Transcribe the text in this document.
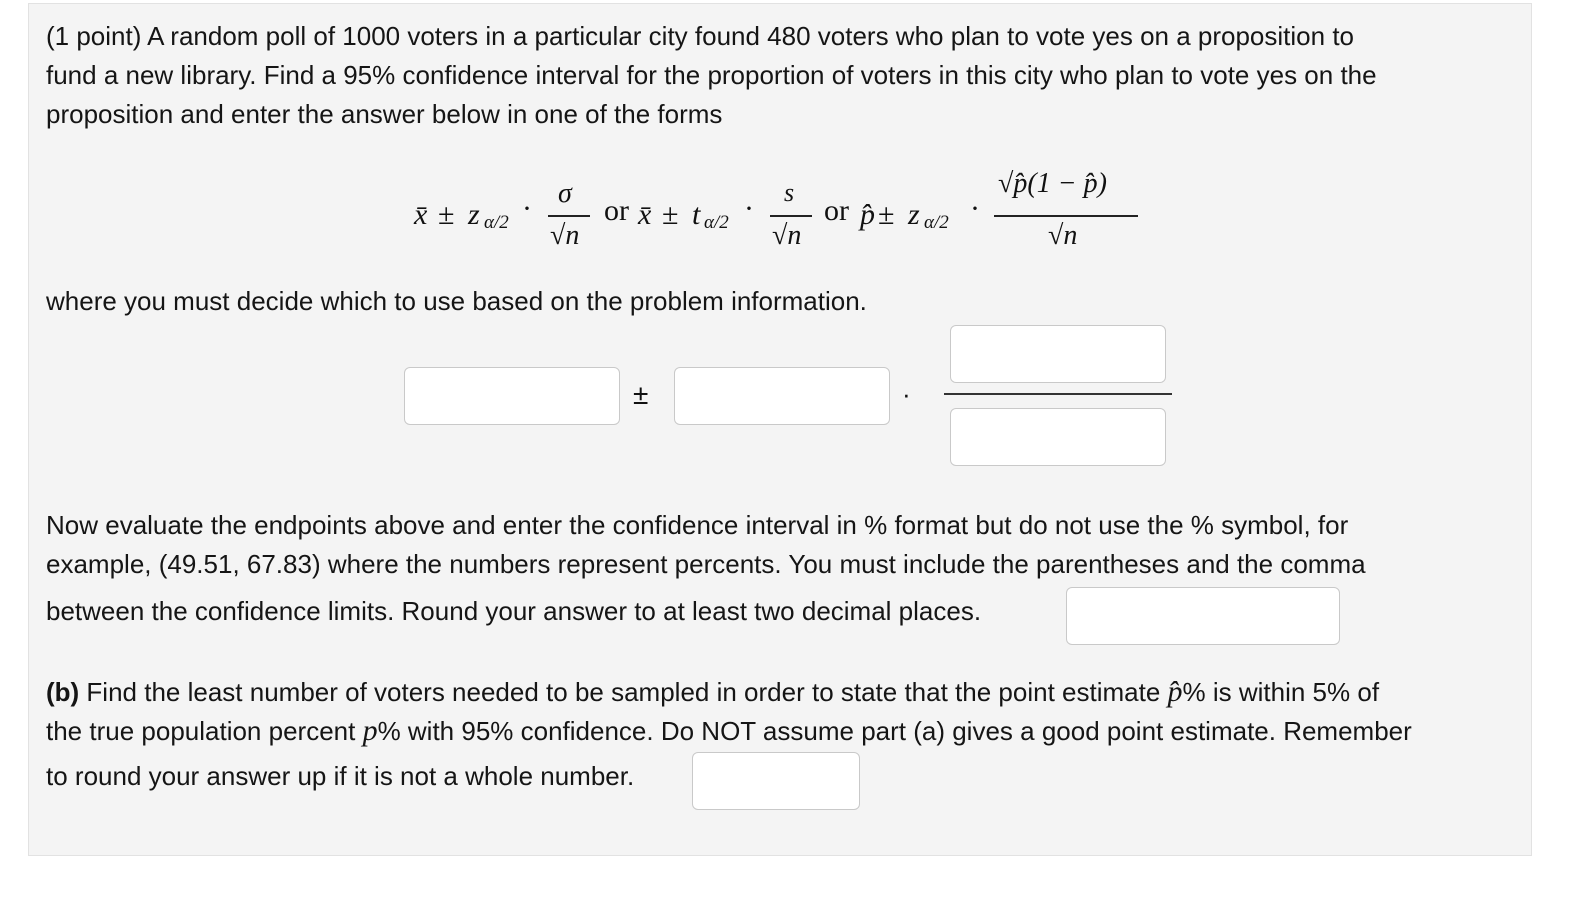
(1 point) A random poll of 1000 voters in a particular city found 480 voters who plan to vote yes on a proposition to
fund a new library. Find a 95% confidence interval for the proportion of voters in this city who plan to vote yes on the
proposition and enter the answer below in one of the forms
x̄ ± z α/2 · σ
√n
or x̄ ± t α/2 · s
√n
or p̂ ± z α/2 ·
√p̂(1 − p̂)
√n
where you must decide which to use based on the problem information.
±	·
Now evaluate the endpoints above and enter the confidence interval in % format but do not use the % symbol, for
example, (49.51, 67.83) where the numbers represent percents. You must include the parentheses and the comma
between the confidence limits. Round your answer to at least two decimal places.
(b) Find the least number of voters needed to be sampled in order to state that the point estimate p̂% is within 5% of
the true population percent p% with 95% confidence. Do NOT assume part (a) gives a good point estimate. Remember
to round your answer up if it is not a whole number.
